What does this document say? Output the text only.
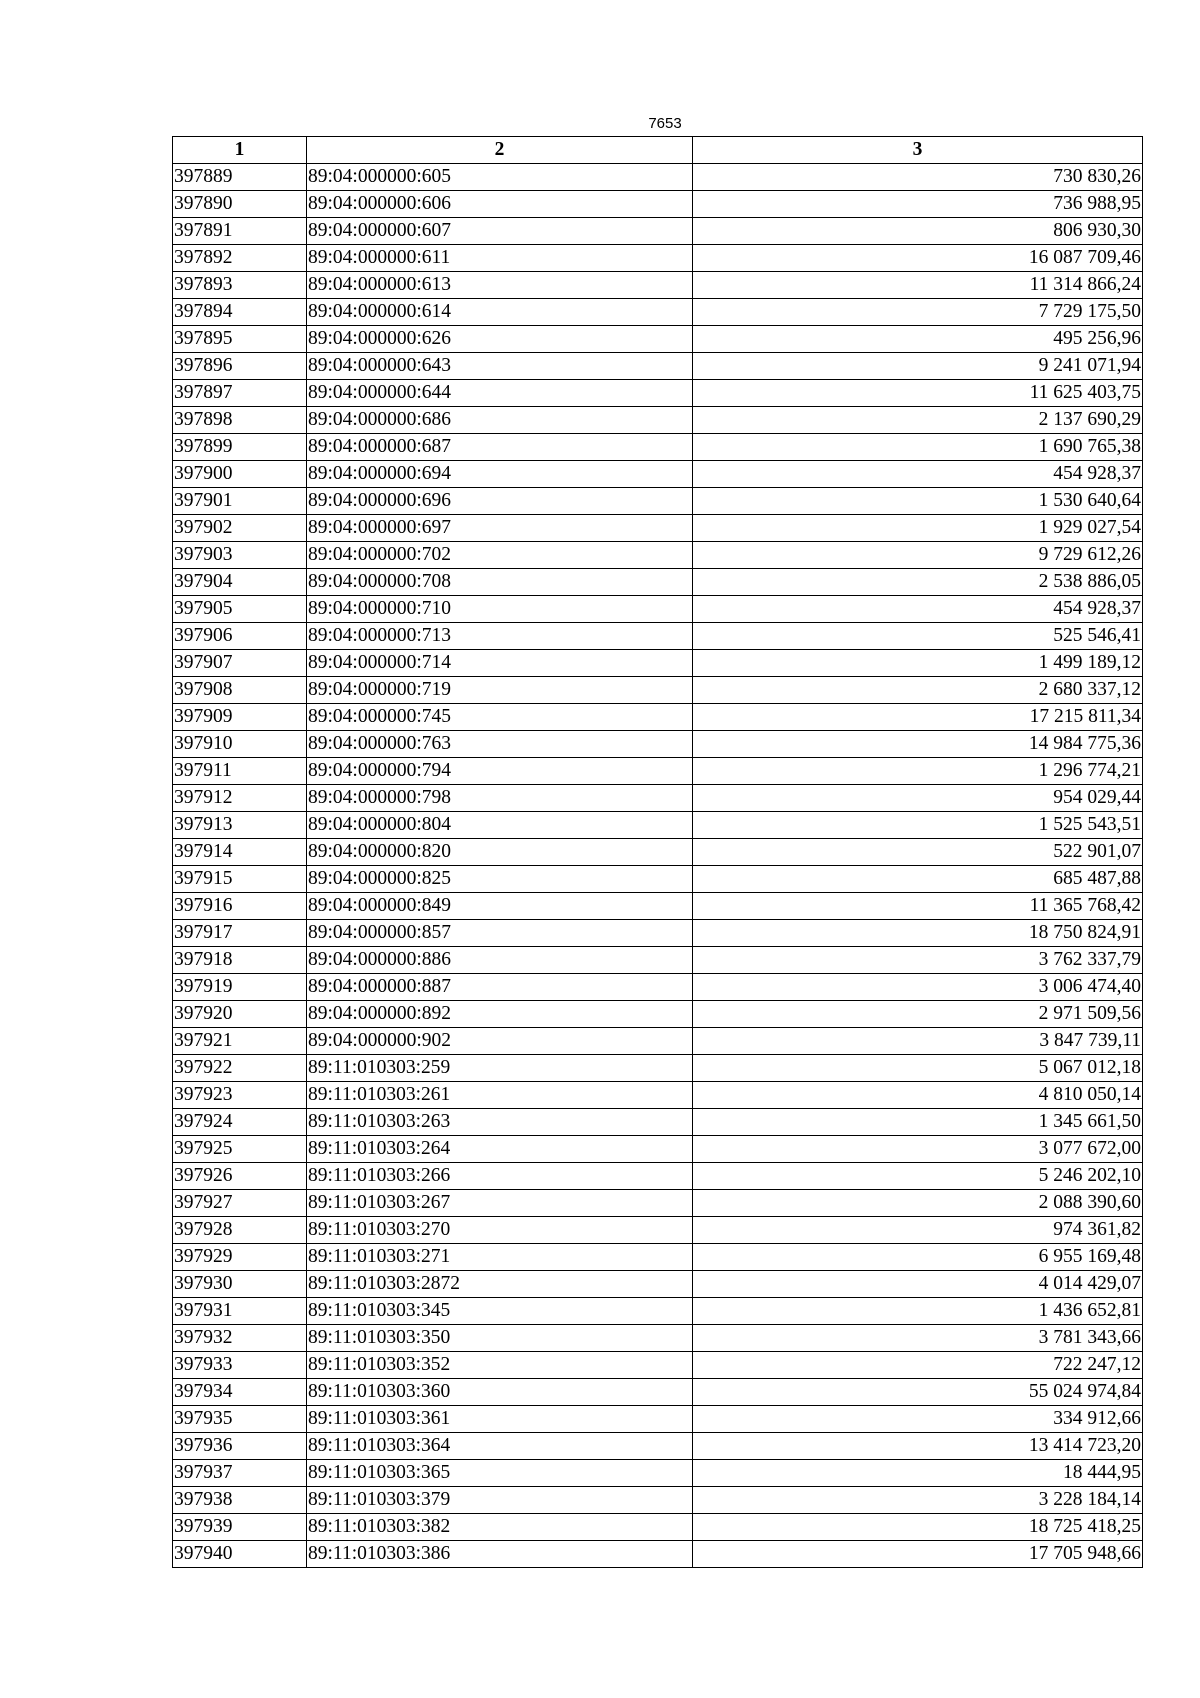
7653
1	2	3
397889	89:04:000000:605	730 830,26
397890	89:04:000000:606	736 988,95
397891	89:04:000000:607	806 930,30
397892	89:04:000000:611	16 087 709,46
397893	89:04:000000:613	11 314 866,24
397894	89:04:000000:614	7 729 175,50
397895	89:04:000000:626	495 256,96
397896	89:04:000000:643	9 241 071,94
397897	89:04:000000:644	11 625 403,75
397898	89:04:000000:686	2 137 690,29
397899	89:04:000000:687	1 690 765,38
397900	89:04:000000:694	454 928,37
397901	89:04:000000:696	1 530 640,64
397902	89:04:000000:697	1 929 027,54
397903	89:04:000000:702	9 729 612,26
397904	89:04:000000:708	2 538 886,05
397905	89:04:000000:710	454 928,37
397906	89:04:000000:713	525 546,41
397907	89:04:000000:714	1 499 189,12
397908	89:04:000000:719	2 680 337,12
397909	89:04:000000:745	17 215 811,34
397910	89:04:000000:763	14 984 775,36
397911	89:04:000000:794	1 296 774,21
397912	89:04:000000:798	954 029,44
397913	89:04:000000:804	1 525 543,51
397914	89:04:000000:820	522 901,07
397915	89:04:000000:825	685 487,88
397916	89:04:000000:849	11 365 768,42
397917	89:04:000000:857	18 750 824,91
397918	89:04:000000:886	3 762 337,79
397919	89:04:000000:887	3 006 474,40
397920	89:04:000000:892	2 971 509,56
397921	89:04:000000:902	3 847 739,11
397922	89:11:010303:259	5 067 012,18
397923	89:11:010303:261	4 810 050,14
397924	89:11:010303:263	1 345 661,50
397925	89:11:010303:264	3 077 672,00
397926	89:11:010303:266	5 246 202,10
397927	89:11:010303:267	2 088 390,60
397928	89:11:010303:270	974 361,82
397929	89:11:010303:271	6 955 169,48
397930	89:11:010303:2872	4 014 429,07
397931	89:11:010303:345	1 436 652,81
397932	89:11:010303:350	3 781 343,66
397933	89:11:010303:352	722 247,12
397934	89:11:010303:360	55 024 974,84
397935	89:11:010303:361	334 912,66
397936	89:11:010303:364	13 414 723,20
397937	89:11:010303:365	18 444,95
397938	89:11:010303:379	3 228 184,14
397939	89:11:010303:382	18 725 418,25
397940	89:11:010303:386	17 705 948,66
